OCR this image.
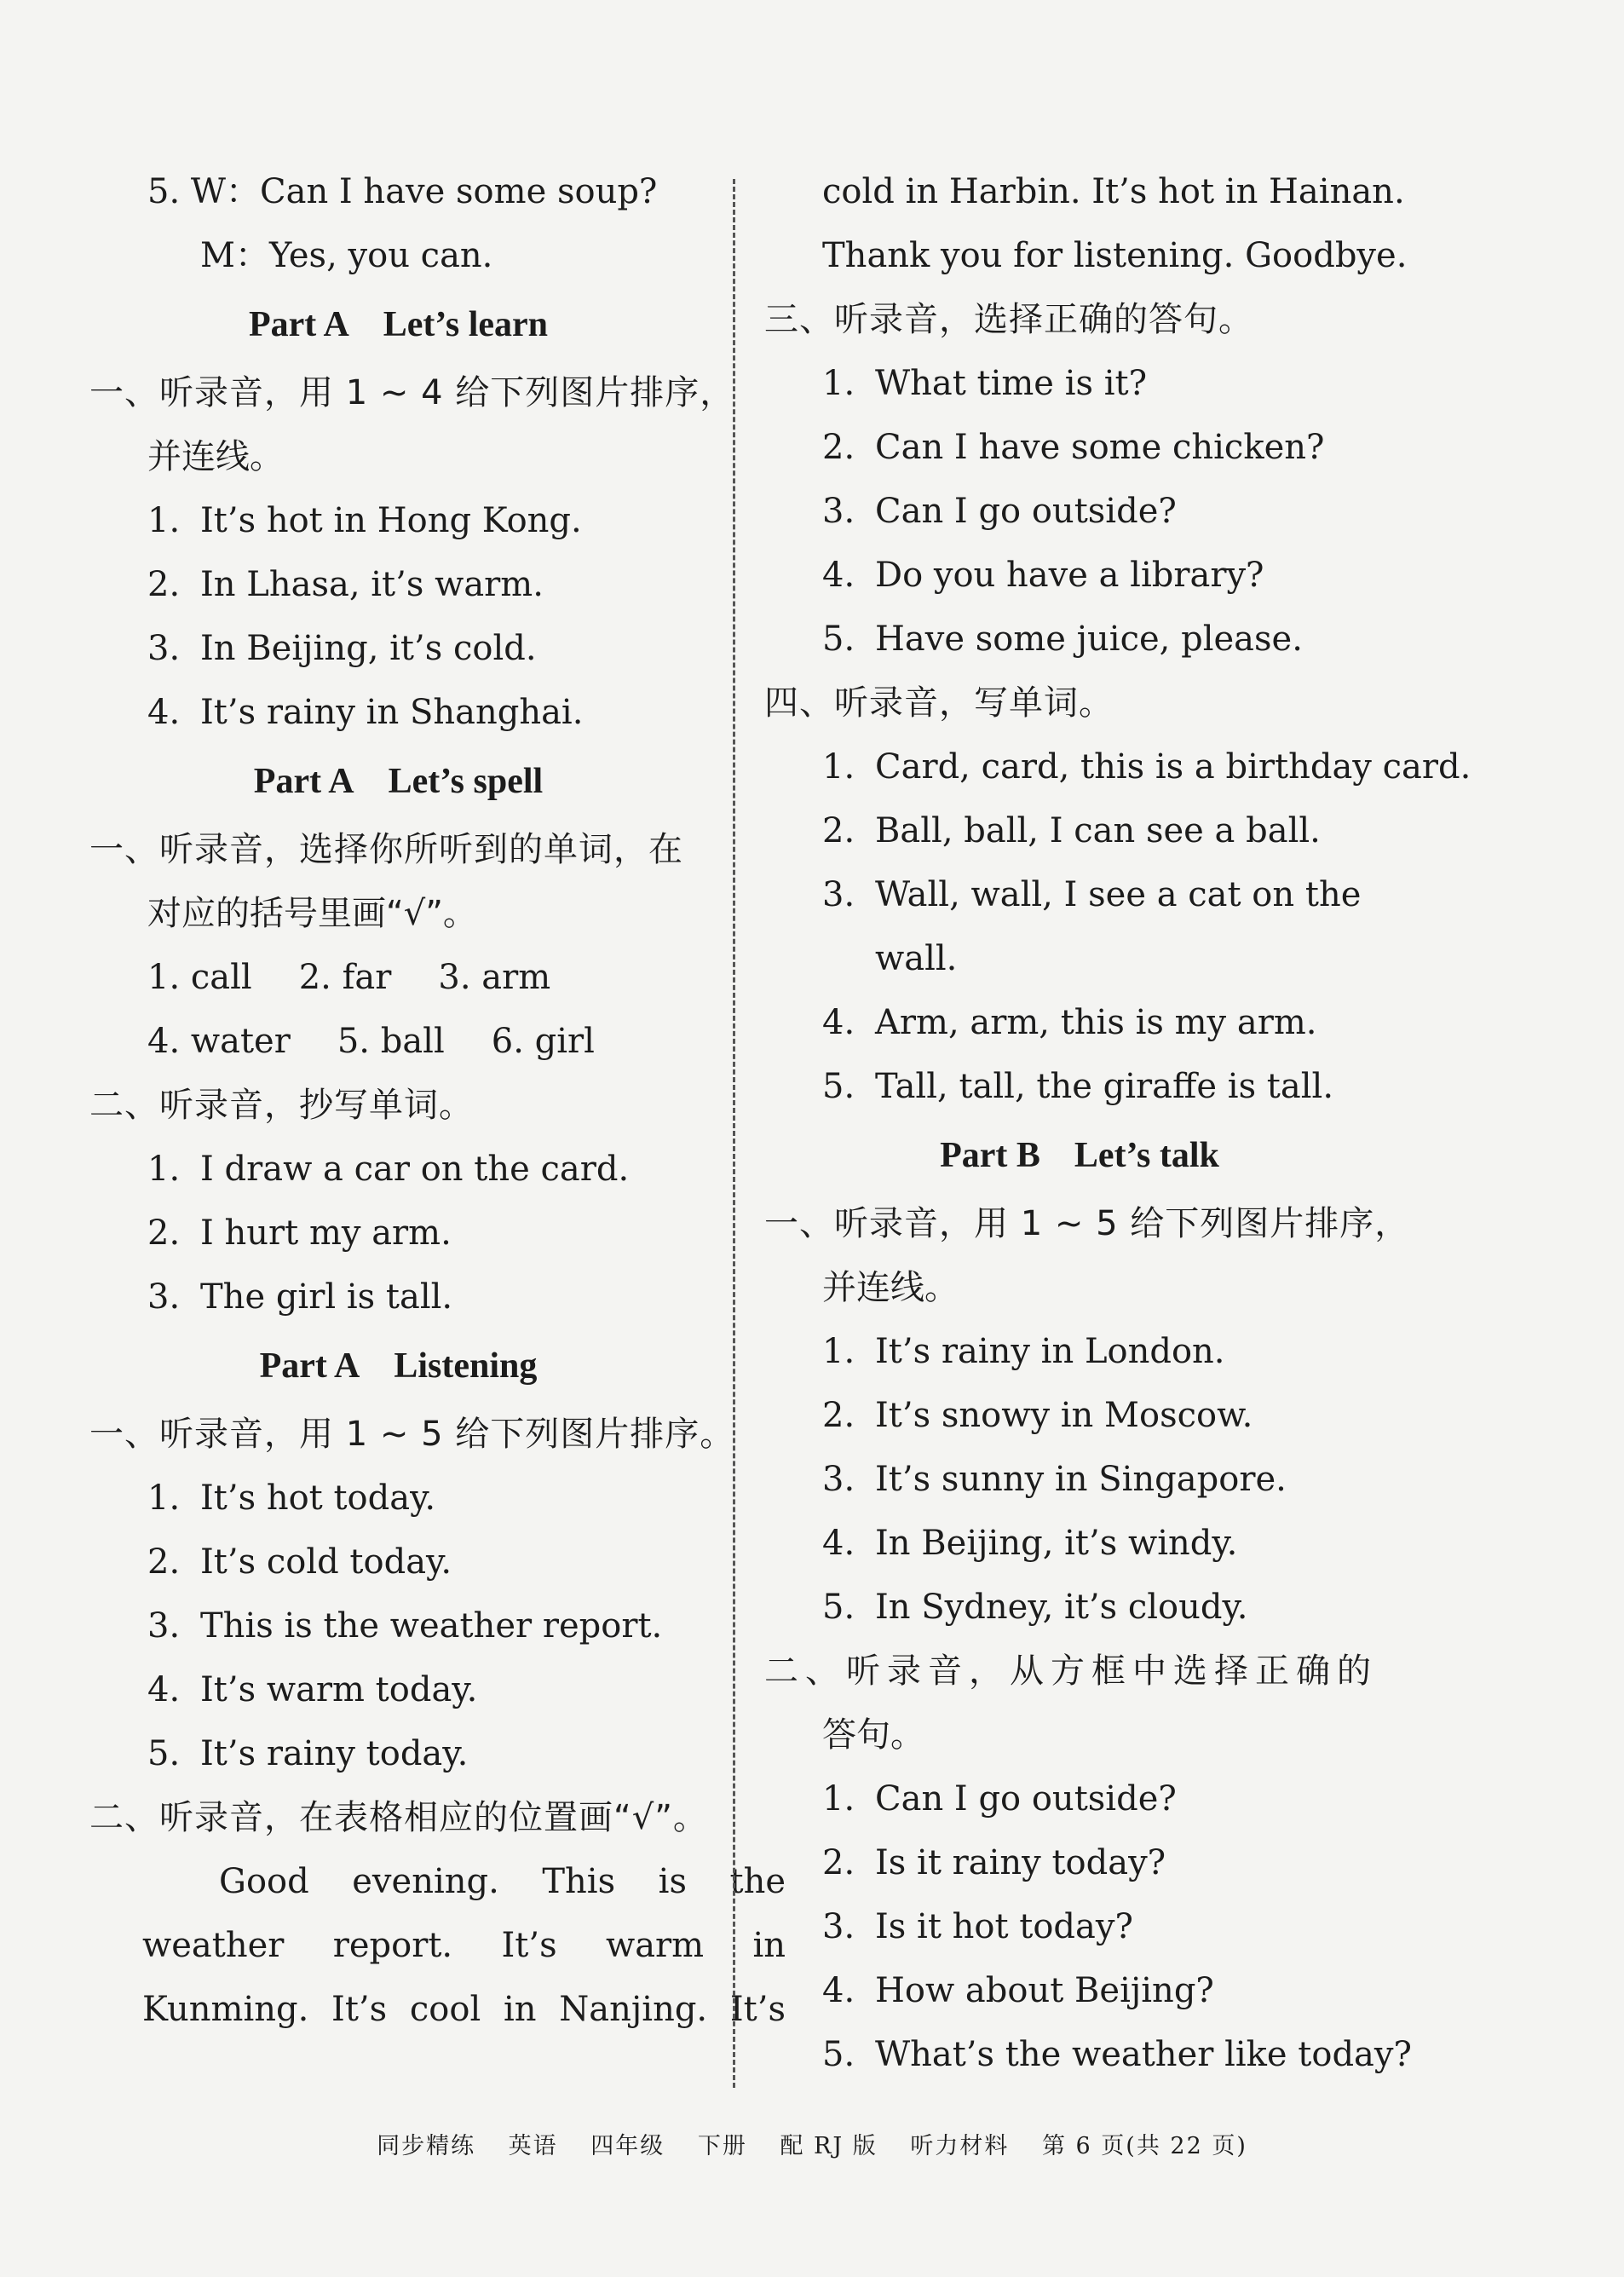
5. W：Can I have some soup?
M：Yes, you can.
Part A Let’s learn
一、听录音，用 1 ~ 4 给下列图片排序，
并连线。
1. It’s hot in Hong Kong.
2. In Lhasa, it’s warm.
3. In Beijing, it’s cold.
4. It’s rainy in Shanghai.
Part A Let’s spell
一、听录音，选择你所听到的单词，在
对应的括号里画“√”。
1. call 2. far 3. arm
4. water 5. ball 6. girl
二、听录音，抄写单词。
1. I draw a car on the card.
2. I hurt my arm.
3. The girl is tall.
Part A Listening
一、听录音，用 1 ~ 5 给下列图片排序。
1. It’s hot today.
2. It’s cold today.
3. This is the weather report.
4. It’s warm today.
5. It’s rainy today.
二、听录音，在表格相应的位置画“√”。
Good evening. This is the
weather report. It’s warm in
Kunming. It’s cool in Nanjing. It’s
cold in Harbin. It’s hot in Hainan.
Thank you for listening. Goodbye.
三、听录音，选择正确的答句。
1. What time is it?
2. Can I have some chicken?
3. Can I go outside?
4. Do you have a library?
5. Have some juice, please.
四、听录音，写单词。
1. Card, card, this is a birthday card.
2. Ball, ball, I can see a ball.
3. Wall, wall, I see a cat on the
wall.
4. Arm, arm, this is my arm.
5. Tall, tall, the giraffe is tall.
Part B Let’s talk
一、听录音，用 1 ~ 5 给下列图片排序，
并连线。
1. It’s rainy in London.
2. It’s snowy in Moscow.
3. It’s sunny in Singapore.
4. In Beijing, it’s windy.
5. In Sydney, it’s cloudy.
二、听录音，从方框中选择正确的
答句。
1. Can I go outside?
2. Is it rainy today?
3. Is it hot today?
4. How about Beijing?
5. What’s the weather like today?
同步精练 英语 四年级 下册 配 RJ 版 听力材料 第 6 页(共 22 页)
